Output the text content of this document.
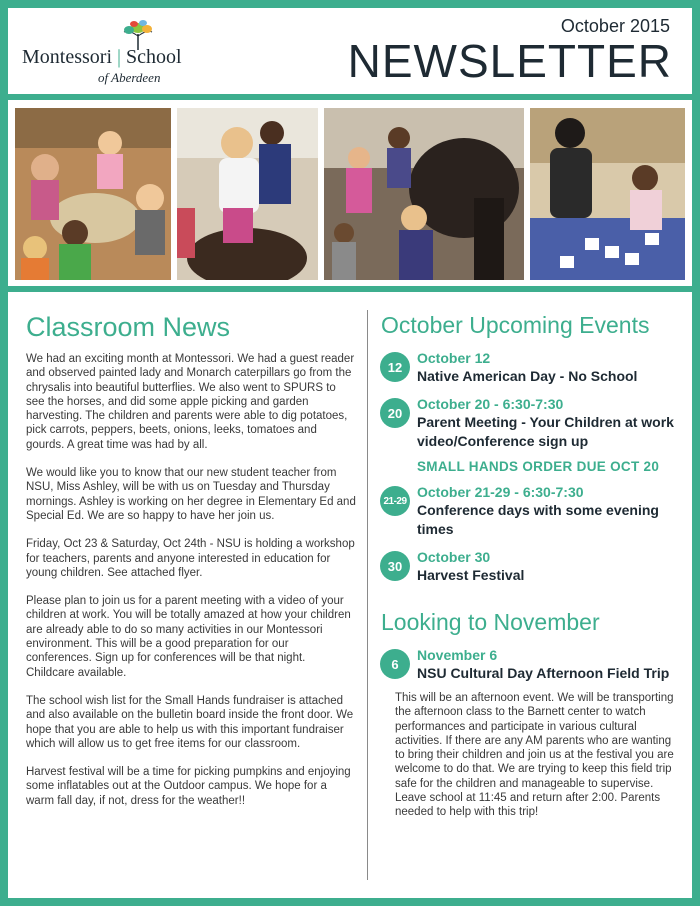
Montessori | School
of Aberdeen
October 2015
NEWSLETTER
Classroom News

We had an exciting month at Montessori. We had a guest reader and observed painted lady and Monarch caterpillars go from the chrysalis into beautiful butterflies. We also went to SPURS to see the horses, and did some apple picking and garden harvesting. The children and parents were able to dig potatoes, pick carrots, peppers, beets, onions, leeks, tomatoes and gourds. A great time was had by all.

We would like you to know that our new student teacher from NSU, Miss Ashley, will be with us on Tuesday and Thursday mornings. Ashley is working on her degree in Elementary Ed and Special Ed. We are so happy to have her join us.

Friday, Oct 23 & Saturday, Oct 24th - NSU is holding a workshop for teachers, parents and anyone interested in education for young children. See attached flyer.

Please plan to join us for a parent meeting with a video of your children at work. You will be totally amazed at how your children are already able to do so many activities in our Montessori environment. This will be a good preparation for our conferences. Sign up for conferences will be that night. Childcare available.

The school wish list for the Small Hands fundraiser is attached and also available on the bulletin board inside the front door. We hope that you are able to help us with this important fundraiser which will allow us to get free items for our classroom.

Harvest festival will be a time for picking pumpkins and enjoying some inflatables out at the Outdoor campus. We hope for a warm fall day, if not, dress for the weather!!

October Upcoming Events
12
October 12
Native American Day - No School
20
October 20 - 6:30-7:30
Parent Meeting - Your Children at work video/Conference sign up
SMALL HANDS ORDER DUE OCT 20
21-29
October 21-29 - 6:30-7:30
Conference days with some evening times
30
October 30
Harvest Festival
Looking to November
6
November 6
NSU Cultural Day Afternoon Field Trip

This will be an afternoon event. We will be transporting the afternoon class to the Barnett center to watch performances and participate in various cultural activities. If there are any AM parents who are wanting to bring their children and join us at the festival you are welcome to do that. We are trying to keep this field trip safe for the children and manageable to supervise. Leave school at 11:45 and return after 2:00. Parents needed to help with this trip!
